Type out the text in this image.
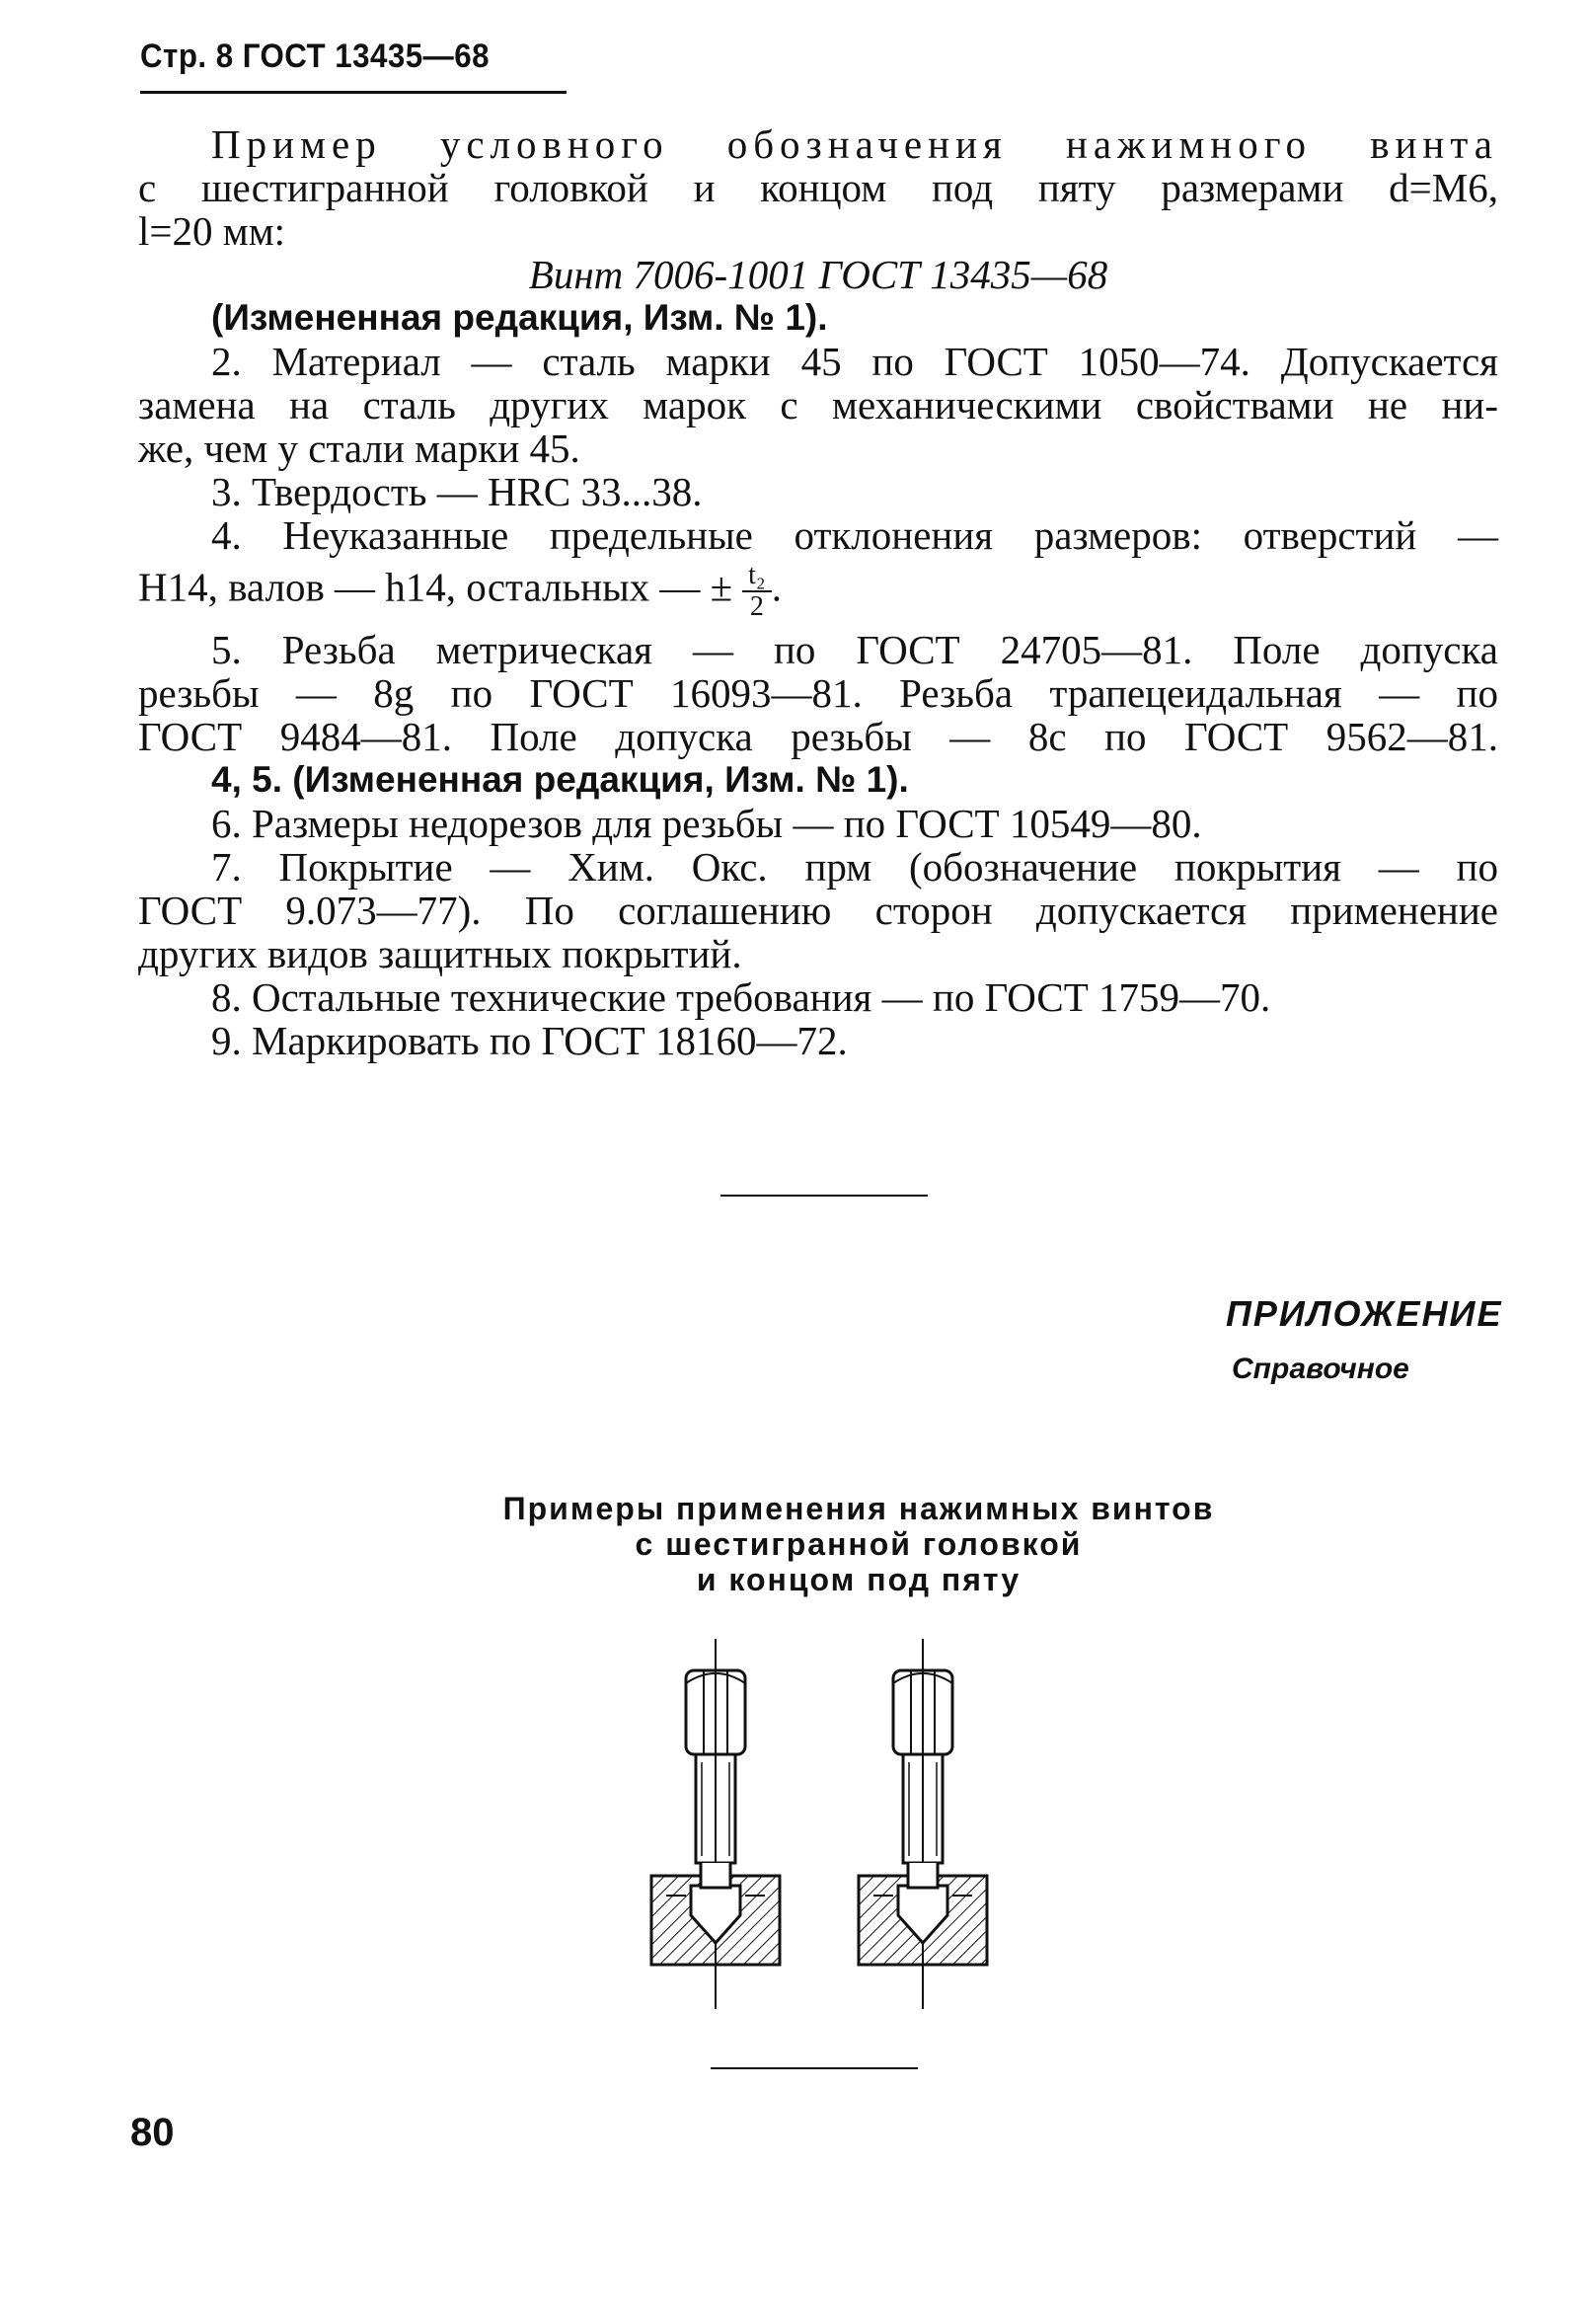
Стр. 8 ГОСТ 13435—68

Пример условного обозначения нажимного винта

с шестигранной головкой и концом под пяту размерами d=M6,

l=20 мм:

Винт 7006-1001 ГОСТ 13435—68

(Измененная редакция, Изм. № 1).

2. Материал — сталь марки 45 по ГОСТ 1050—74. Допускается

замена на сталь других марок с механическими свойствами не ни-

же, чем у стали марки 45.

3. Твердость — HRC 33...38.

4. Неуказанные предельные отклонения размеров: отверстий —

H14, валов — h14, остальных — ± $\frac{\text{t₂}}{2}$ .

5. Резьба метрическая — по ГОСТ 24705—81. Поле допуска

резьбы — 8g по ГОСТ 16093—81. Резьба трапецеидальная — по

ГОСТ 9484—81. Поле допуска резьбы — 8с по ГОСТ 9562—81.

4, 5. (Измененная редакция, Изм. № 1).

6. Размеры недорезов для резьбы — по ГОСТ 10549—80.

7. Покрытие — Хим. Окс. прм (обозначение покрытия — по

ГОСТ 9.073—77). По соглашению сторон допускается применение

других видов защитных покрытий.

8. Остальные технические требования — по ГОСТ 1759—70.

9. Маркировать по ГОСТ 18160—72.

ПРИЛОЖЕНИЕ
Справочное
Примеры применения нажимных винтов
с шестигранной головкой
и концом под пяту
80
